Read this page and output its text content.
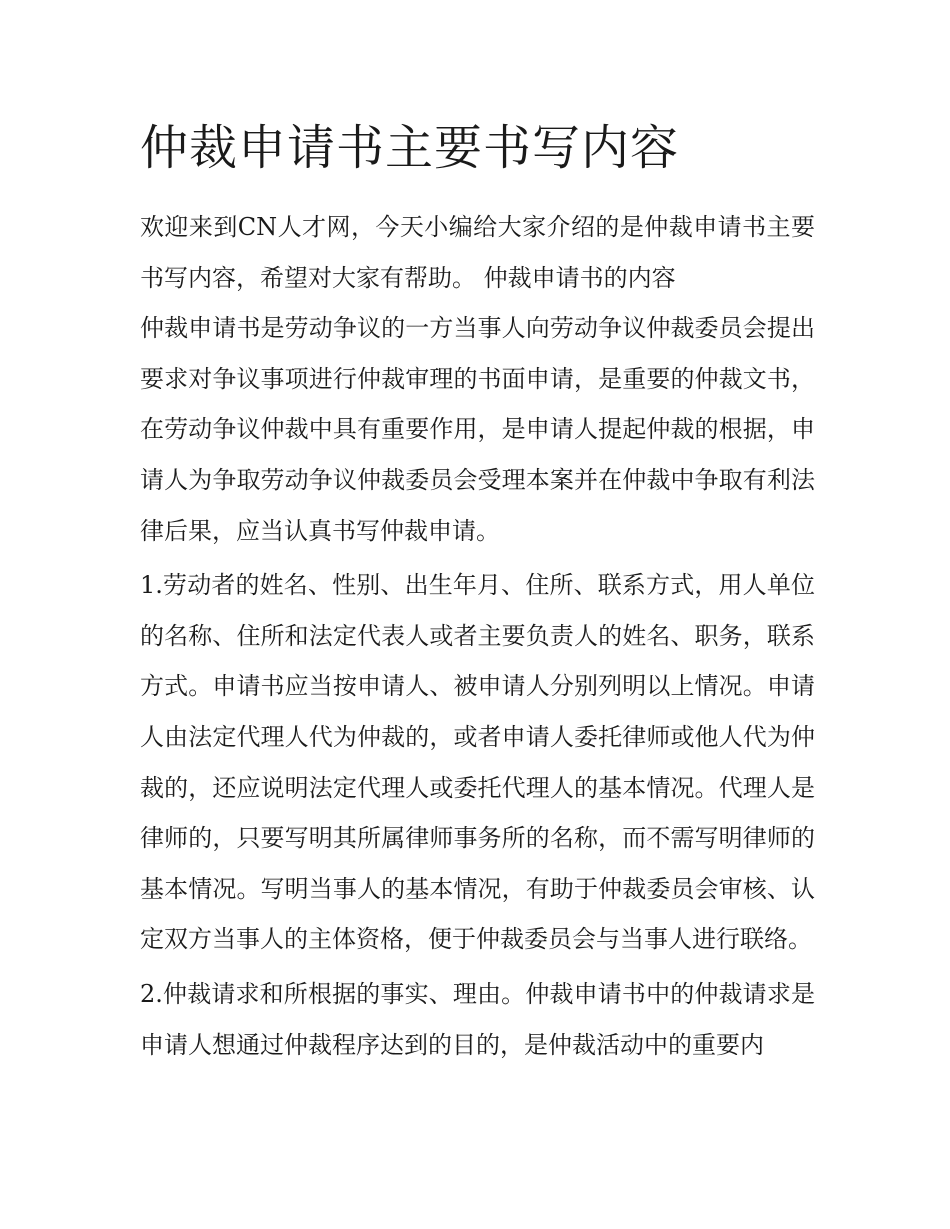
仲裁申请书主要书写内容

欢迎来到CN人才网，今天小编给大家介绍的是仲裁申请书主要书写内容，希望对大家有帮助。 仲裁申请书的内容

仲裁申请书是劳动争议的一方当事人向劳动争议仲裁委员会提出要求对争议事项进行仲裁审理的书面申请，是重要的仲裁文书，在劳动争议仲裁中具有重要作用，是申请人提起仲裁的根据，申请人为争取劳动争议仲裁委员会受理本案并在仲裁中争取有利法律后果，应当认真书写仲裁申请。

1.劳动者的姓名、性别、出生年月、住所、联系方式，用人单位的名称、住所和法定代表人或者主要负责人的姓名、职务，联系方式。申请书应当按申请人、被申请人分别列明以上情况。申请人由法定代理人代为仲裁的，或者申请人委托律师或他人代为仲裁的，还应说明法定代理人或委托代理人的基本情况。代理人是律师的，只要写明其所属律师事务所的名称，而不需写明律师的基本情况。写明当事人的基本情况，有助于仲裁委员会审核、认定双方当事人的主体资格，便于仲裁委员会与当事人进行联络。

2.仲裁请求和所根据的事实、理由。仲裁申请书中的仲裁请求是申请人想通过仲裁程序达到的目的，是仲裁活动中的重要内
